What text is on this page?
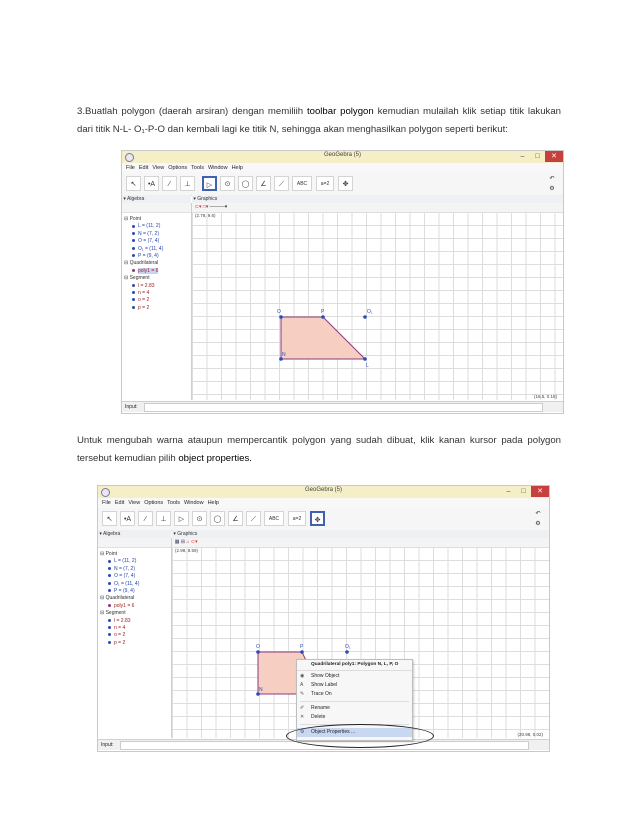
3.Buatlah polygon (daerah arsiran) dengan memiliih toolbar polygon kemudian mulailah klik setiap titik lakukan dari titik N-L- O₁-P-O dan kembali lagi ke titik N, sehingga akan menghasilkan polygon seperti berikut:
GeoGebra (5)	–	□	✕
File Edit View Options Tools Window Help
↖	•A	⁄	⊥	▷	⊙	◯	∠	⟋	ABC	a=2	✥
↶
⚙
▾ Algebra	▾ Graphics
⊂▾ □▾ ———▾
⊟ Point
L = (11, 2)
N = (7, 2)
O = (7, 4)
O₁ = (11, 4)
P = (9, 4)
⊟ Quadrilateral
poly1 = 6
⊟ Segment
l = 2.83
n = 4
o = 2
p = 2
(2.78, 9.6)
(16.5, 0.18)
O	P	O₁
N
L
Input:
Untuk mengubah warna ataupun mempercantik polygon yang sudah dibuat, klik kanan kursor pada polygon tersebut kemudian pilih object properties.
GeoGebra (5)	–	□	✕
File Edit View Options Tools Window Help
↖	•A	⁄	⊥	▷	⊙	◯	∠	⟋	ABC	a=2	✥
↶
⚙
▾ Algebra	▾ Graphics
▦ ⊞ ⌂ ⊂▾
⊟ Point
L = (11, 2)
N = (7, 2)
O = (7, 4)
O₁ = (11, 4)
P = (9, 4)
⊟ Quadrilateral
poly1 = 6
⊟ Segment
l = 2.83
n = 4
o = 2
p = 2
(2.98, 8.59)
(20.98, 0.02)
O	P	O₁
N
Input:
Quadrilateral poly1: Polygon N, L, P, O
◉	Show Object
A	Show Label
✎	Trace On
✐	Rename
✕	Delete
⚙	Object Properties ...
